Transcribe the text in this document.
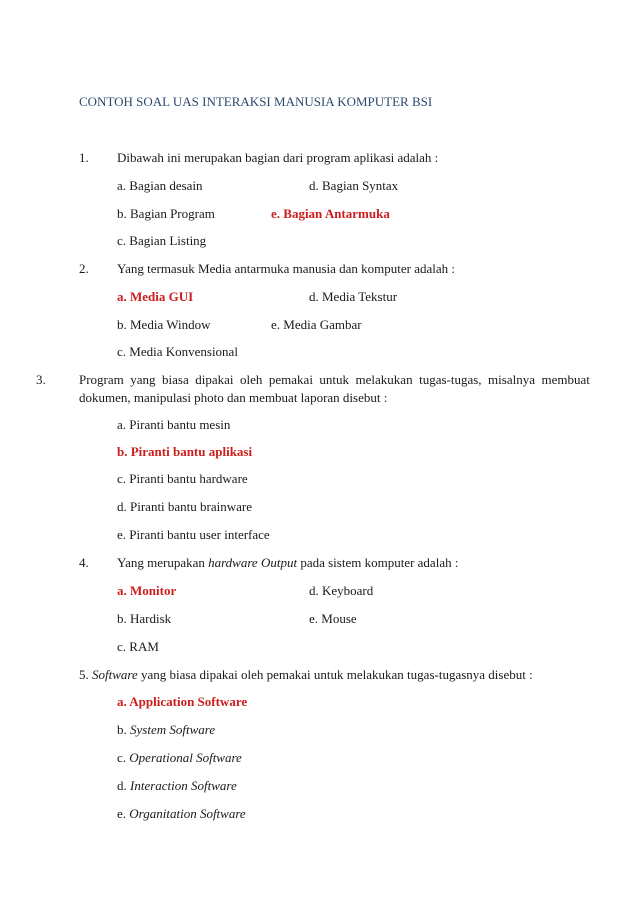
CONTOH SOAL UAS INTERAKSI MANUSIA KOMPUTER BSI
1. Dibawah ini merupakan bagian dari program aplikasi adalah :
a. Bagian desain	d. Bagian Syntax
b. Bagian Program	e. Bagian Antarmuka
c. Bagian Listing
2. Yang termasuk Media antarmuka manusia dan komputer adalah :
a. Media GUI	d. Media Tekstur
b. Media Window	e. Media Gambar
c. Media Konvensional
3.	Program  yang  biasa  dipakai  oleh  pemakai  untuk  melakukan  tugas-tugas,  misalnya  membuat
dokumen, manipulasi photo dan membuat laporan disebut :
a. Piranti bantu mesin
b. Piranti bantu aplikasi
c. Piranti bantu hardware
d. Piranti bantu brainware
e. Piranti bantu user interface
4. Yang merupakan hardware Output pada sistem komputer adalah :
a. Monitor	d. Keyboard
b. Hardisk	e. Mouse
c. RAM
5. Software yang biasa dipakai oleh pemakai untuk melakukan tugas-tugasnya disebut :
a. Application Software
b. System Software
c. Operational Software
d. Interaction Software
e. Organitation Software
